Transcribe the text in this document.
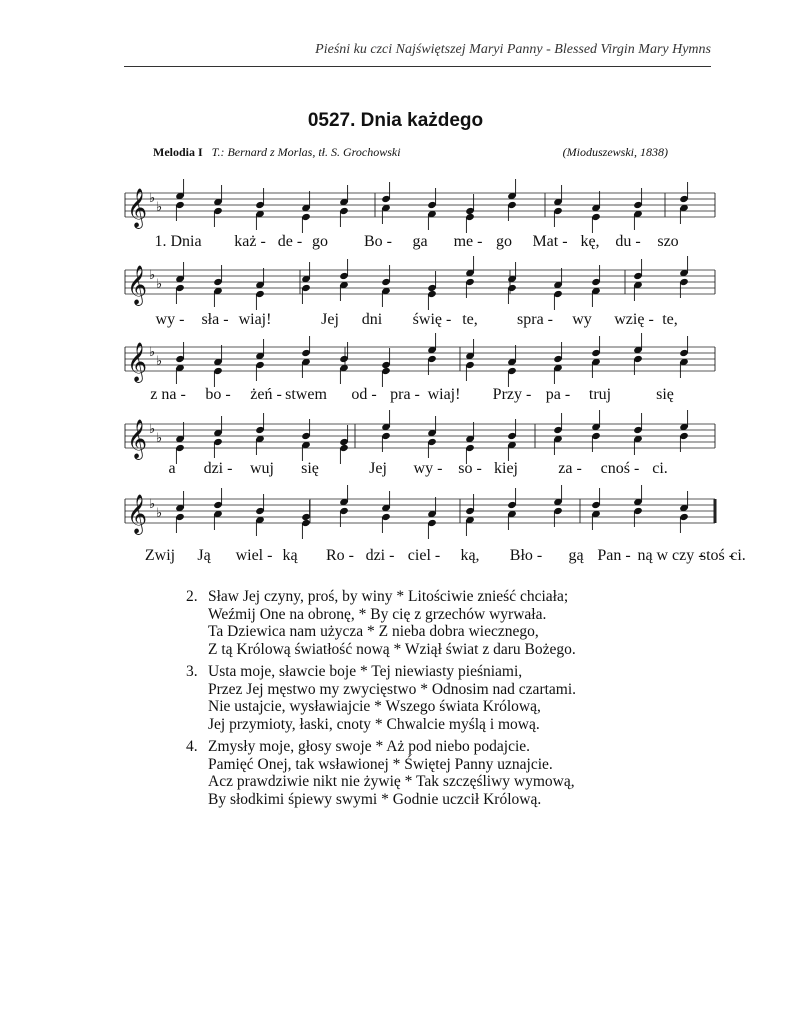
Pieśni ku czci Najświętszej Maryi Panny - Blessed Virgin Mary Hymns
0527. Dnia każdego
Melodia I T.: Bernard z Morlas, tł. S. Grochowski	(Mioduszewski, 1838)
𝄞 ♭
♭
1. Dnia każ - de - go Bo - ga me - go Mat - kę, du - szo
𝄞 ♭
♭
wy - sła - wiaj!	Jej dni świę - te, spra - wy wzię - te,
𝄞 ♭
♭
z na - bo - żeń - stwem od - pra - wiaj! Przy - pa - truj	się
𝄞 ♭
♭
a dzi - wuj się	Jej wy - so - kiej	za - cnoś - ci.
𝄞 ♭
♭
Zwij Ją wiel - ką Ro - dzi - ciel - ką, Bło - gą Pan - ną w czy -
stoś -
ci.
2. Sław Jej czyny, proś, by winy * Litościwie znieść chciała;
Weźmij One na obronę, * By cię z grzechów wyrwała.
Ta Dziewica nam użycza * Z nieba dobra wiecznego,
Z tą Królową światłość nową * Wziął świat z daru Bożego.
3. Usta moje, sławcie boje * Tej niewiasty pieśniami,
Przez Jej męstwo my zwycięstwo * Odnosim nad czartami.
Nie ustajcie, wysławiajcie * Wszego świata Królową,
Jej przymioty, łaski, cnoty * Chwalcie myślą i mową.
4. Zmysły moje, głosy swoje * Aż pod niebo podajcie.
Pamięć Onej, tak wsławionej * Świętej Panny uznajcie.
Acz prawdziwie nikt nie żywię * Tak szczęśliwy wymową,
By słodkimi śpiewy swymi * Godnie uczcił Królową.
